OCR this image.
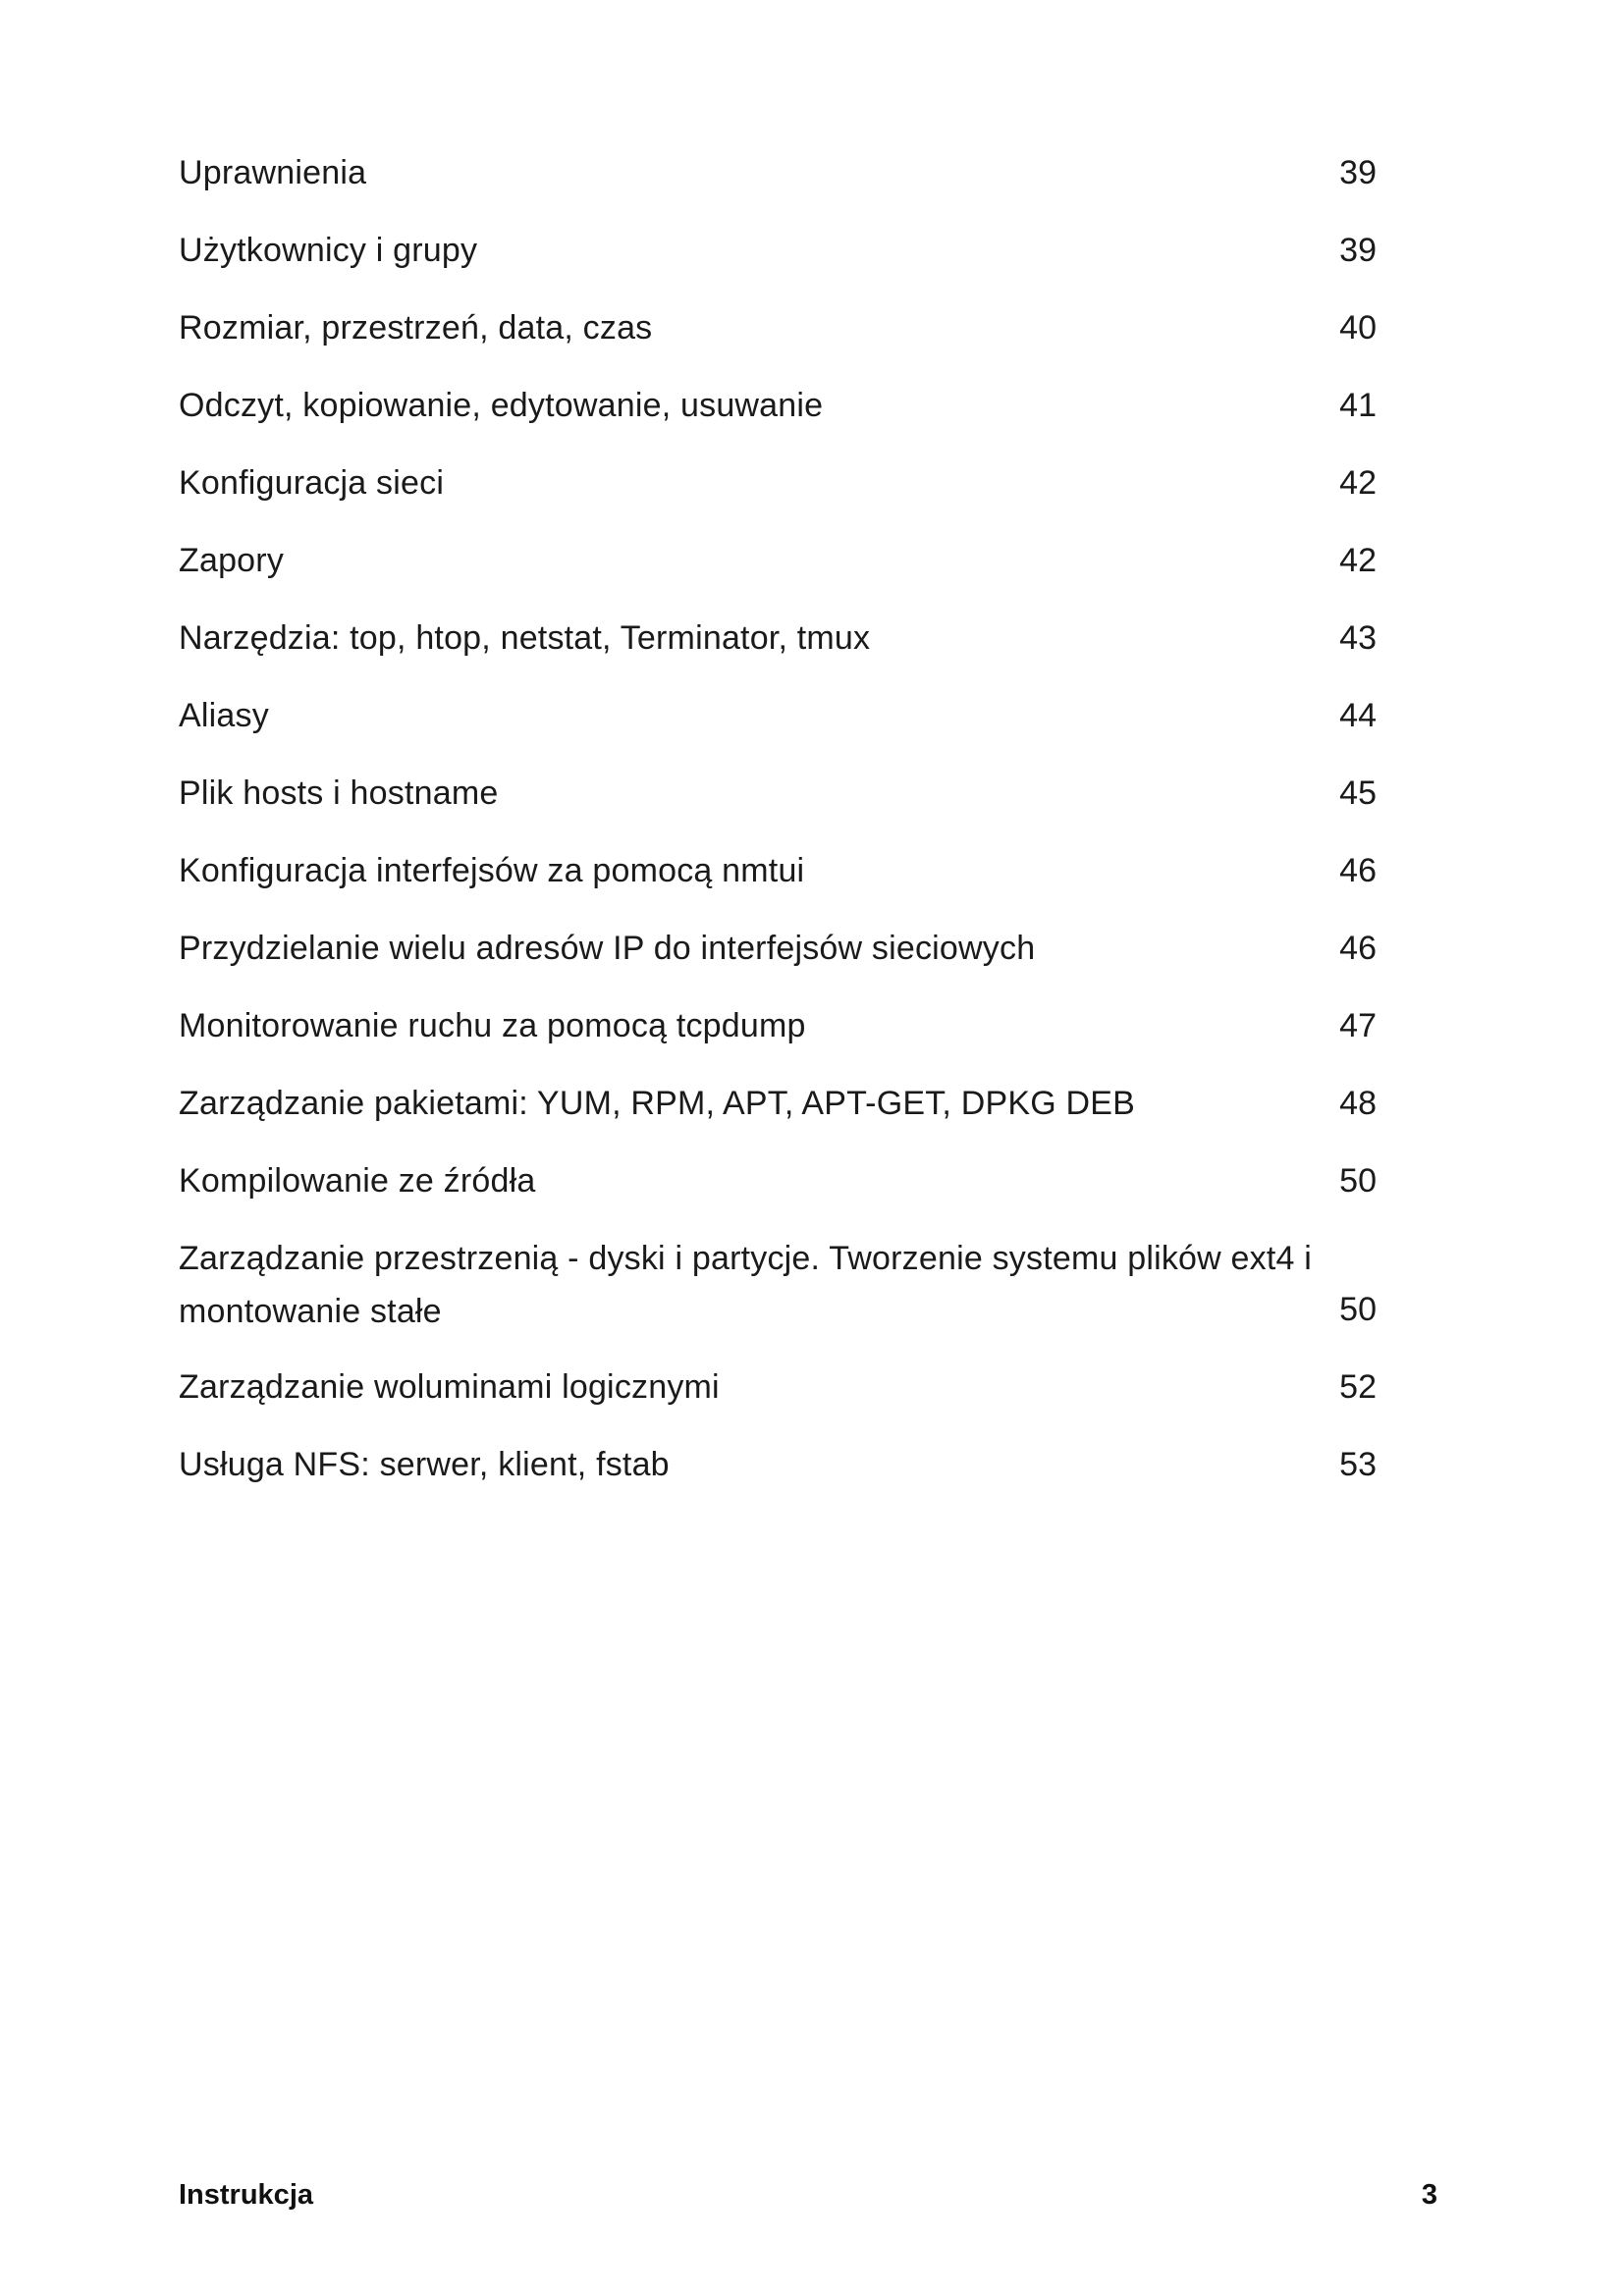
Uprawnienia	39
Użytkownicy i grupy	39
Rozmiar, przestrzeń, data, czas	40
Odczyt, kopiowanie, edytowanie, usuwanie	41
Konfiguracja sieci	42
Zapory	42
Narzędzia: top, htop, netstat, Terminator, tmux	43
Aliasy	44
Plik hosts i hostname	45
Konfiguracja interfejsów za pomocą nmtui	46
Przydzielanie wielu adresów IP do interfejsów sieciowych	46
Monitorowanie ruchu za pomocą tcpdump	47
Zarządzanie pakietami: YUM, RPM, APT, APT-GET, DPKG DEB	48
Kompilowanie ze źródła	50
Zarządzanie przestrzenią - dyski i partycje. Tworzenie systemu plików ext4 i montowanie stałe	50
Zarządzanie woluminami logicznymi	52
Usługa NFS: serwer, klient, fstab	53
Instrukcja	3
